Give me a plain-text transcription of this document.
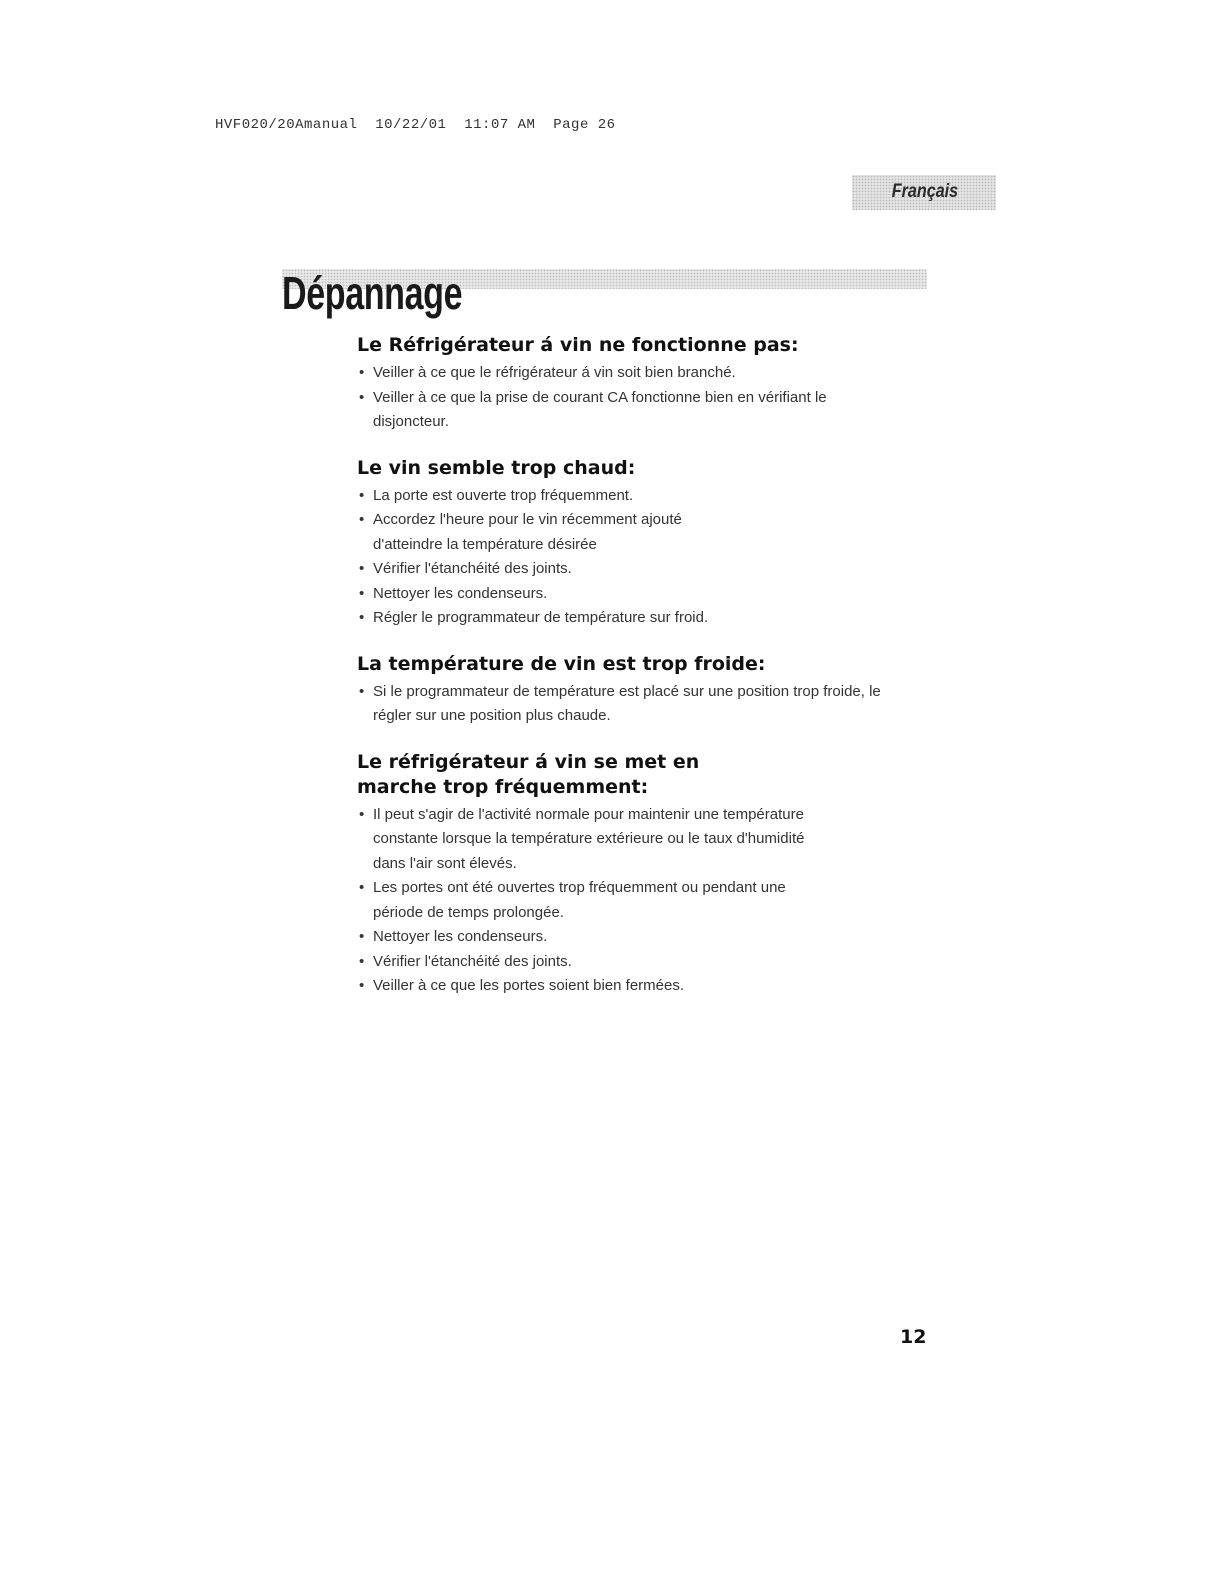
HVF020/20Amanual  10/22/01  11:07 AM  Page 26
Français
Dépannage
Le Réfrigérateur á vin ne fonctionne pas:
• Veiller à ce que le réfrigérateur á vin soit bien branché.
• Veiller à ce que la prise de courant CA fonctionne bien en vérifiant le disjoncteur.
Le vin semble trop chaud:
• La porte est ouverte trop fréquemment.
• Accordez l'heure pour le vin récemment ajouté d'atteindre la température désirée
• Vérifier l'étanchéité des joints.
• Nettoyer les condenseurs.
• Régler le programmateur de température sur froid.
La température de vin est trop froide:
• Si le programmateur de température est placé sur une position trop froide, le régler sur une position plus chaude.
Le réfrigérateur á vin se met en marche trop fréquemment:
• Il peut s'agir de l'activité normale pour maintenir une température constante lorsque la température extérieure ou le taux d'humidité dans l'air sont élevés.
• Les portes ont été ouvertes trop fréquemment ou pendant une période de temps prolongée.
• Nettoyer les condenseurs.
• Vérifier l'étanchéité des joints.
• Veiller à ce que les portes soient bien fermées.
12
